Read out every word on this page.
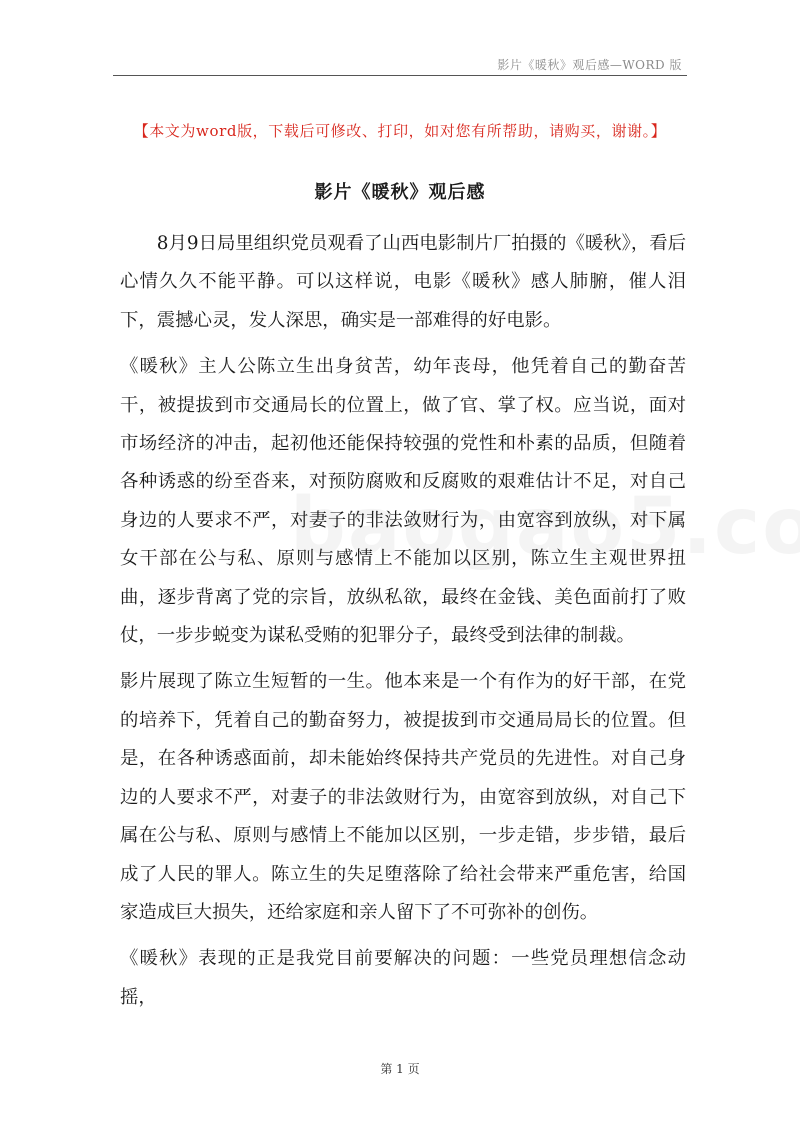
影片《暖秋》观后感—WORD 版
【本文为word版，下载后可修改、打印，如对您有所帮助，请购买，谢谢。】
影片《暖秋》观后感

8月9日局里组织党员观看了山西电影制片厂拍摄的《暖秋》，看后心情久久不能平静。可以这样说，电影《暖秋》感人肺腑，催人泪下，震撼心灵，发人深思，确实是一部难得的好电影。

《暖秋》主人公陈立生出身贫苦，幼年丧母，他凭着自己的勤奋苦干，被提拔到市交通局长的位置上，做了官、掌了权。应当说，面对市场经济的冲击，起初他还能保持较强的党性和朴素的品质，但随着各种诱惑的纷至沓来，对预防腐败和反腐败的艰难估计不足，对自己身边的人要求不严，对妻子的非法敛财行为，由宽容到放纵，对下属女干部在公与私、原则与感情上不能加以区别，陈立生主观世界扭曲，逐步背离了党的宗旨，放纵私欲，最终在金钱、美色面前打了败仗，一步步蜕变为谋私受贿的犯罪分子，最终受到法律的制裁。

影片展现了陈立生短暂的一生。他本来是一个有作为的好干部，在党的培养下，凭着自己的勤奋努力，被提拔到市交通局局长的位置。但是，在各种诱惑面前，却未能始终保持共产党员的先进性。对自己身边的人要求不严，对妻子的非法敛财行为，由宽容到放纵，对自己下属在公与私、原则与感情上不能加以区别，一步走错，步步错，最后成了人民的罪人。陈立生的失足堕落除了给社会带来严重危害，给国家造成巨大损失，还给家庭和亲人留下了不可弥补的创伤。

《暖秋》表现的正是我党目前要解决的问题：一些党员理想信念动摇，

第 1 页
